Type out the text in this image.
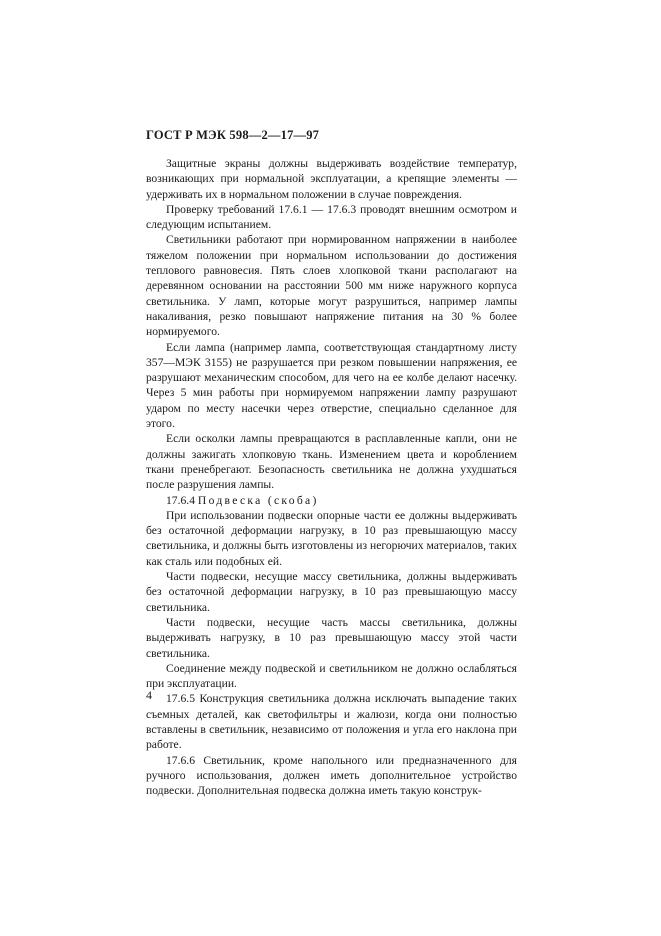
ГОСТ Р МЭК 598—2—17—97

Защитные экраны должны выдерживать воздействие температур, возникающих при нормальной эксплуатации, а крепящие элементы — удерживать их в нормальном положении в случае повреждения.

Проверку требований 17.6.1 — 17.6.3 проводят внешним осмотром и следующим испытанием.

Светильники работают при нормированном напряжении в наиболее тяжелом положении при нормальном использовании до достижения теплового равновесия. Пять слоев хлопковой ткани располагают на деревянном основании на расстоянии 500 мм ниже наружного корпуса светильника. У ламп, которые могут разрушиться, например лампы накаливания, резко повышают напряжение питания на 30 % более нормируемого.

Если лампа (например лампа, соответствующая стандартному листу 357—МЭК 3155) не разрушается при резком повышении напряжения, ее разрушают механическим способом, для чего на ее колбе делают насечку. Через 5 мин работы при нормируемом напряжении лампу разрушают ударом по месту насечки через отверстие, специально сделанное для этого.

Если осколки лампы превращаются в расплавленные капли, они не должны зажигать хлопковую ткань. Изменением цвета и короблением ткани пренебрегают. Безопасность светильника не должна ухудшаться после разрушения лампы.

17.6.4 Подвеска (скоба)

При использовании подвески опорные части ее должны выдерживать без остаточной деформации нагрузку, в 10 раз превышающую массу светильника, и должны быть изготовлены из негорючих материалов, таких как сталь или подобных ей.

Части подвески, несущие массу светильника, должны выдерживать без остаточной деформации нагрузку, в 10 раз превышающую массу светильника.

Части подвески, несущие часть массы светильника, должны выдерживать нагрузку, в 10 раз превышающую массу этой части светильника.

Соединение между подвеской и светильником не должно ослабляться при эксплуатации.

17.6.5 Конструкция светильника должна исключать выпадение таких съемных деталей, как светофильтры и жалюзи, когда они полностью вставлены в светильник, независимо от положения и угла его наклона при работе.

17.6.6 Светильник, кроме напольного или предназначенного для ручного использования, должен иметь дополнительное устройство подвески. Дополнительная подвеска должна иметь такую конструк-

4
